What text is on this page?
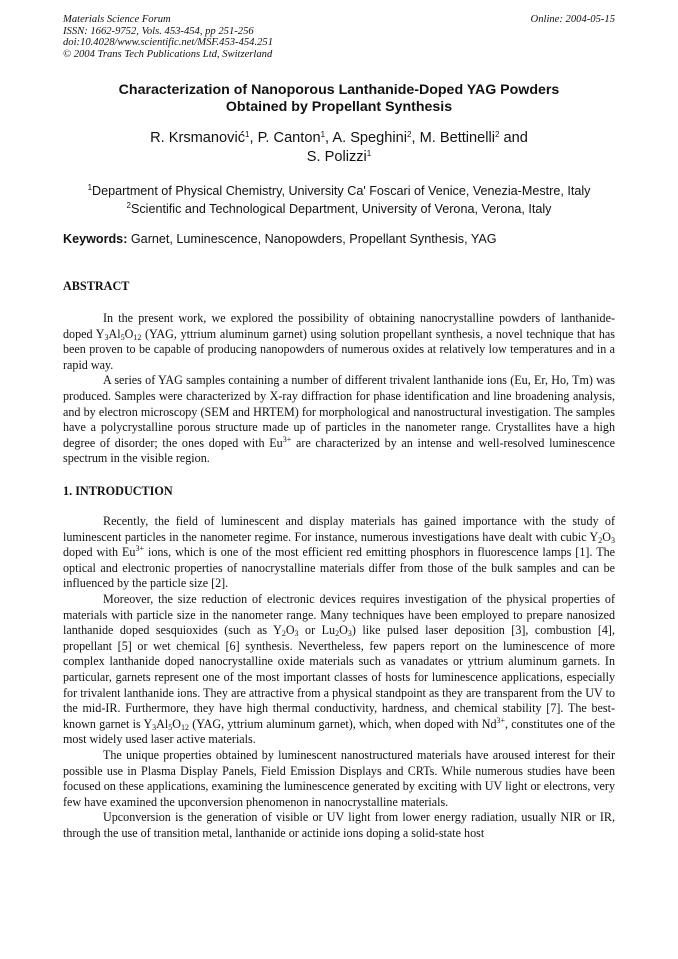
Materials Science Forum
ISSN: 1662-9752, Vols. 453-454, pp 251-256
doi:10.4028/www.scientific.net/MSF.453-454.251
© 2004 Trans Tech Publications Ltd, Switzerland
Online: 2004-05-15
Characterization of Nanoporous Lanthanide-Doped YAG Powders
Obtained by Propellant Synthesis
R. Krsmanović$^1$, P. Canton$^1$, A. Speghini$^2$, M. Bettinelli$^2$ and
S. Polizzi$^1$
$^1$Department of Physical Chemistry, University Ca' Foscari of Venice, Venezia-Mestre, Italy
$^2$Scientific and Technological Department, University of Verona, Verona, Italy
Keywords: Garnet, Luminescence, Nanopowders, Propellant Synthesis, YAG
ABSTRACT

In the present work, we explored the possibility of obtaining nanocrystalline powders of lanthanide-doped $Y_3Al_5O_{12}$ (YAG, yttrium aluminum garnet) using solution propellant synthesis, a novel technique that has been proven to be capable of producing nanopowders of numerous oxides at relatively low temperatures and in a rapid way.

A series of YAG samples containing a number of different trivalent lanthanide ions (Eu, Er, Ho, Tm) was produced. Samples were characterized by X-ray diffraction for phase identification and line broadening analysis, and by electron microscopy (SEM and HRTEM) for morphological and nanostructural investigation. The samples have a polycrystalline porous structure made up of particles in the nanometer range. Crystallites have a high degree of disorder; the ones doped with $Eu^{3+}$ are characterized by an intense and well-resolved luminescence spectrum in the visible region.

1. INTRODUCTION

Recently, the field of luminescent and display materials has gained importance with the study of luminescent particles in the nanometer regime. For instance, numerous investigations have dealt with cubic $Y_2O_3$ doped with $Eu^{3+}$ ions, which is one of the most efficient red emitting phosphors in fluorescence lamps [1]. The optical and electronic properties of nanocrystalline materials differ from those of the bulk samples and can be influenced by the particle size [2].

Moreover, the size reduction of electronic devices requires investigation of the physical properties of materials with particle size in the nanometer range. Many techniques have been employed to prepare nanosized lanthanide doped sesquioxides (such as $Y_2O_3$ or $Lu_2O_3$) like pulsed laser deposition [3], combustion [4], propellant [5] or wet chemical [6] synthesis. Nevertheless, few papers report on the luminescence of more complex lanthanide doped nanocrystalline oxide materials such as vanadates or yttrium aluminum garnets. In particular, garnets represent one of the most important classes of hosts for luminescence applications, especially for trivalent lanthanide ions. They are attractive from a physical standpoint as they are transparent from the UV to the mid-IR. Furthermore, they have high thermal conductivity, hardness, and chemical stability [7]. The best-known garnet is $Y_3Al_5O_{12}$ (YAG, yttrium aluminum garnet), which, when doped with $Nd^{3+}$, constitutes one of the most widely used laser active materials.

The unique properties obtained by luminescent nanostructured materials have aroused interest for their possible use in Plasma Display Panels, Field Emission Displays and CRTs. While numerous studies have been focused on these applications, examining the luminescence generated by exciting with UV light or electrons, very few have examined the upconversion phenomenon in nanocrystalline materials.

Upconversion is the generation of visible or UV light from lower energy radiation, usually NIR or IR, through the use of transition metal, lanthanide or actinide ions doping a solid-state host
